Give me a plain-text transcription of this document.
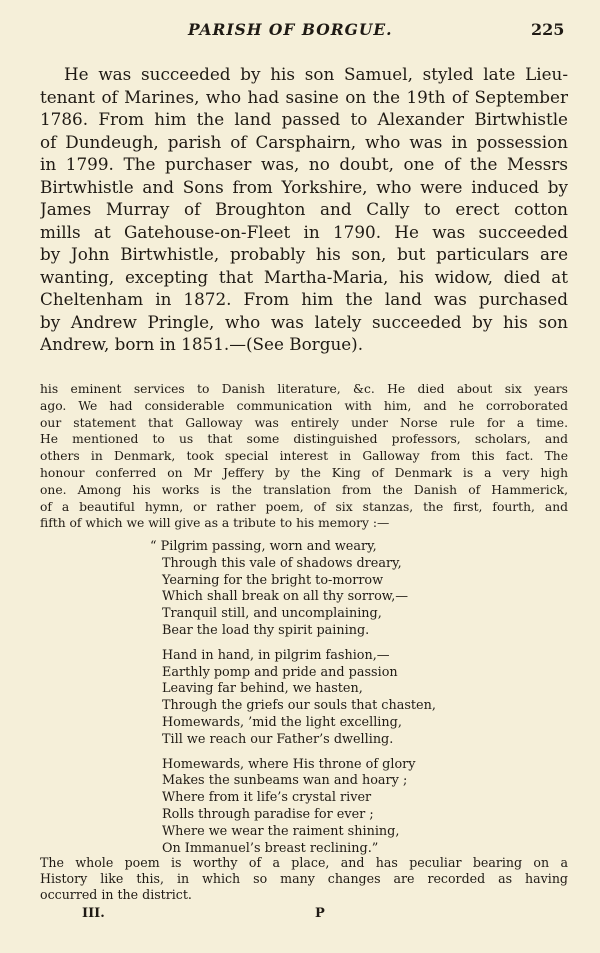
PARISH OF BORGUE.	225
He was succeeded by his son Samuel, styled late Lieu-
tenant of Marines, who had sasine on the 19th of September
1786. From him the land passed to Alexander Birtwhistle
of Dundeugh, parish of Carsphairn, who was in possession
in 1799. The purchaser was, no doubt, one of the Messrs
Birtwhistle and Sons from Yorkshire, who were induced by
James Murray of Broughton and Cally to erect cotton
mills at Gatehouse-on-Fleet in 1790. He was succeeded
by John Birtwhistle, probably his son, but particulars are
wanting, excepting that Martha-Maria, his widow, died at
Cheltenham in 1872. From him the land was purchased
by Andrew Pringle, who was lately succeeded by his son
Andrew, born in 1851.—(See Borgue).
his eminent services to Danish literature, &c. He died about six years
ago. We had considerable communication with him, and he corroborated
our statement that Galloway was entirely under Norse rule for a time.
He mentioned to us that some distinguished professors, scholars, and
others in Denmark, took special interest in Galloway from this fact. The
honour conferred on Mr Jeffery by the King of Denmark is a very high
one. Among his works is the translation from the Danish of Hammerick,
of a beautiful hymn, or rather poem, of six stanzas, the first, fourth, and
fifth of which we will give as a tribute to his memory :—
“ Pilgrim passing, worn and weary,
Through this vale of shadows dreary,
Yearning for the bright to-morrow
Which shall break on all thy sorrow,—
Tranquil still, and uncomplaining,
Bear the load thy spirit paining.
Hand in hand, in pilgrim fashion,—
Earthly pomp and pride and passion
Leaving far behind, we hasten,
Through the griefs our souls that chasten,
Homewards, ’mid the light excelling,
Till we reach our Father’s dwelling.
Homewards, where His throne of glory
Makes the sunbeams wan and hoary ;
Where from it life’s crystal river
Rolls through paradise for ever ;
Where we wear the raiment shining,
On Immanuel’s breast reclining.”
The whole poem is worthy of a place, and has peculiar bearing on a
History like this, in which so many changes are recorded as having
occurred in the district.
III.	P
